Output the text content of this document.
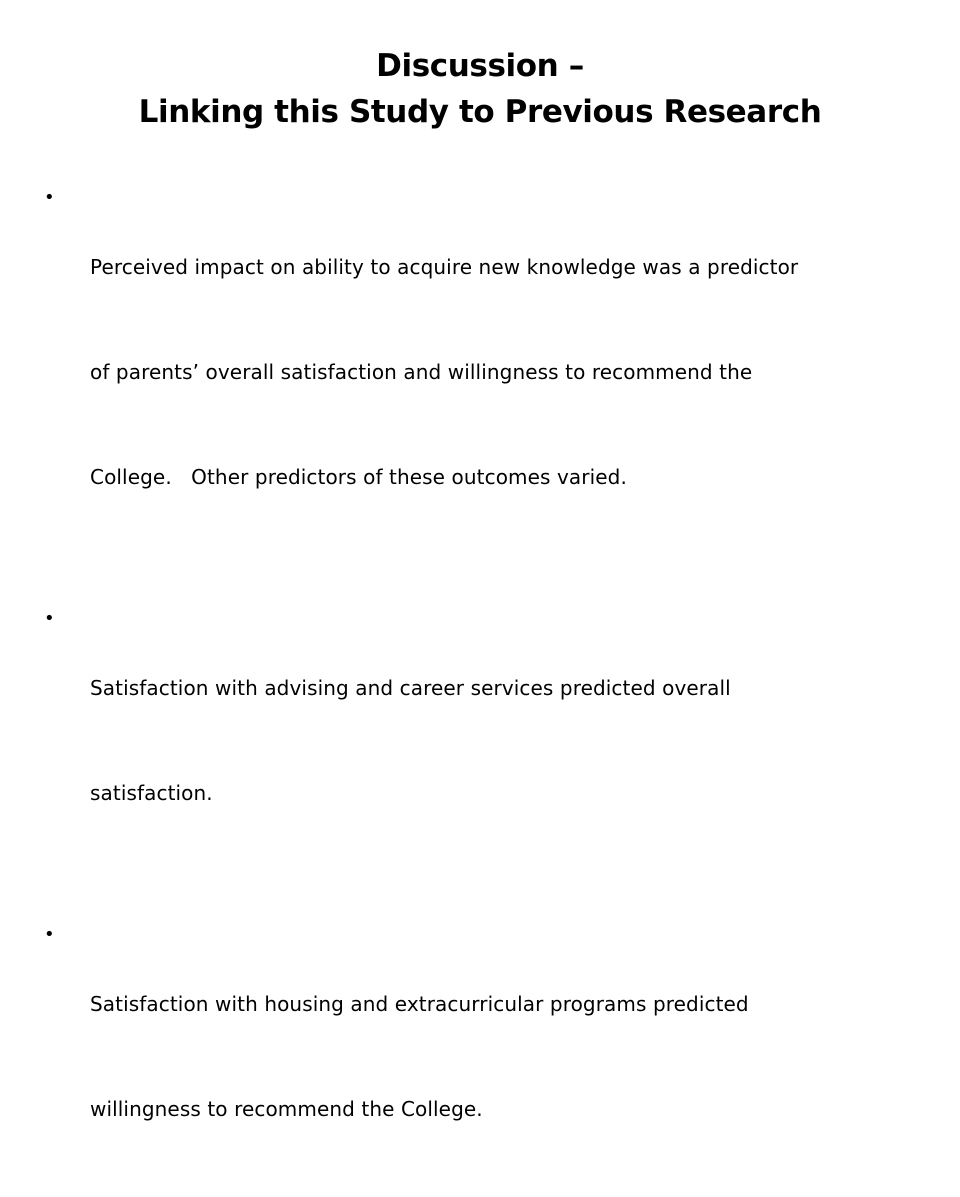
Discussion –
Linking this Study to Previous Research
•

Perceived impact on ability to acquire new knowledge was a predictor

of parents’ overall satisfaction and willingness to recommend the

College.   Other predictors of these outcomes varied.

•

Satisfaction with advising and career services predicted overall

satisfaction.

•

Satisfaction with housing and extracurricular programs predicted

willingness to recommend the College.
